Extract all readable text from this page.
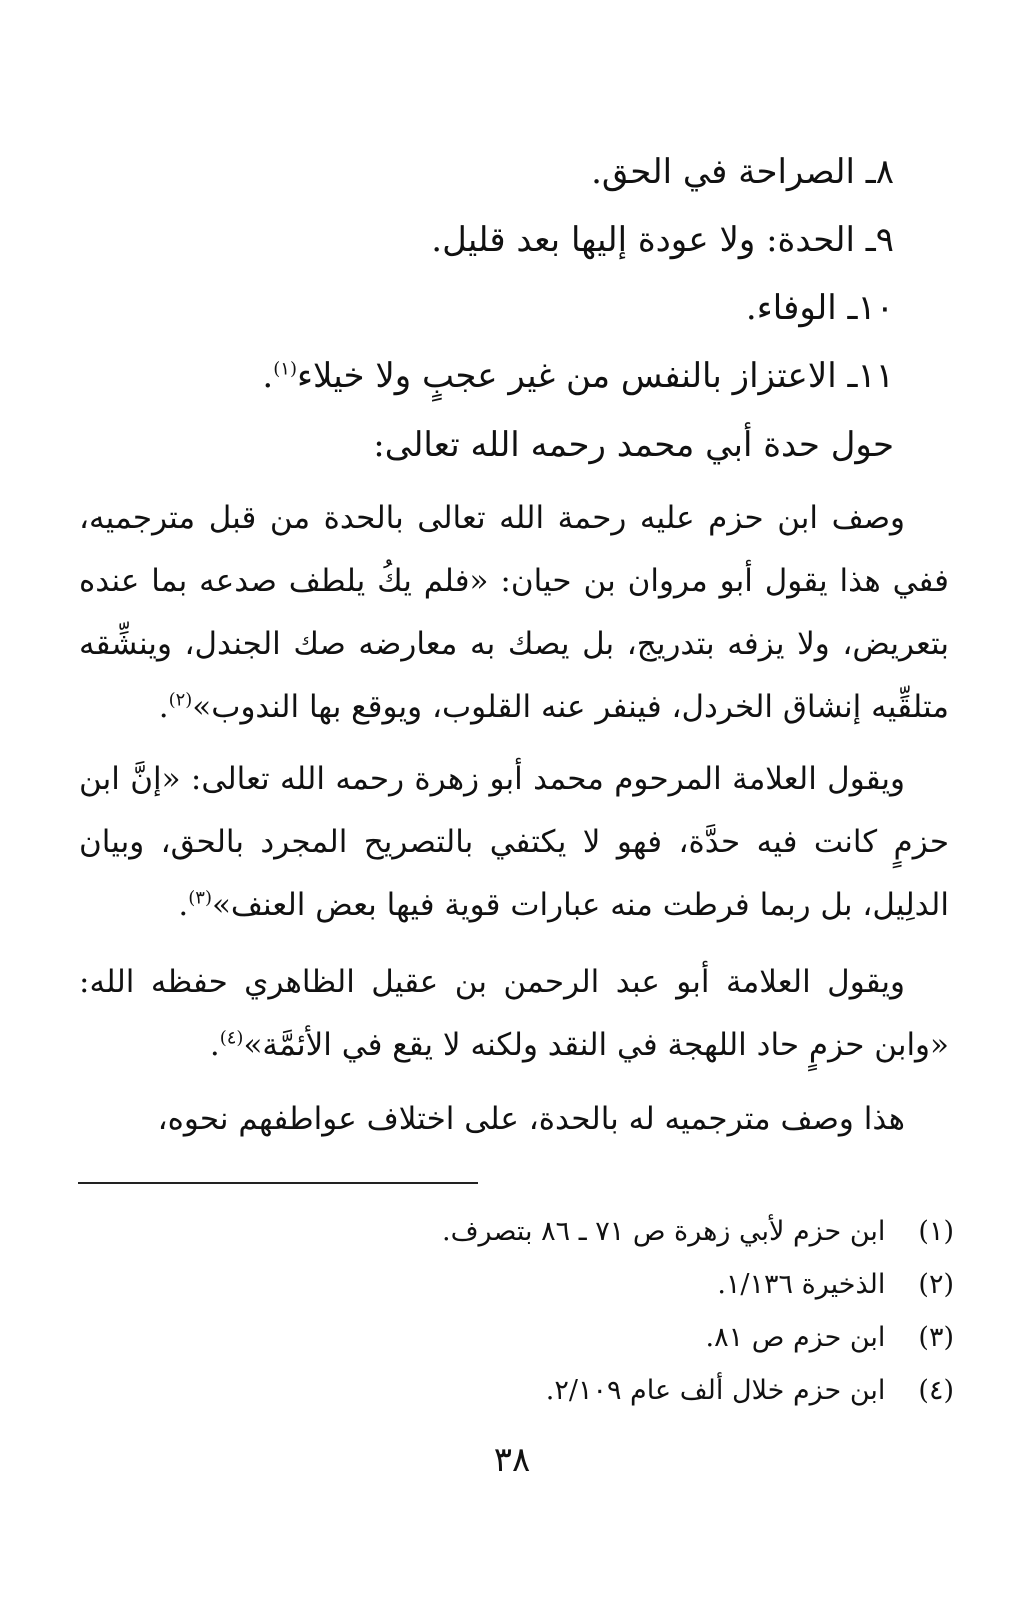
٨ـ الصراحة في الحق.
٩ـ الحدة: ولا عودة إليها بعد قليل.
١٠ـ الوفاء.
١١ـ الاعتزاز بالنفس من غير عجبٍ ولا خيلاء$^{(١)}$.
حول حدة أبي محمد رحمه الله تعالى:

وصف ابن حزم عليه رحمة الله تعالى بالحدة من قبل مترجميه، ففي هذا يقول أبو مروان بن حيان: «فلم يكُ يلطف صدعه بما عنده بتعريض، ولا يزفه بتدريج، بل يصك به معارضه صك الجندل، وينشِّقه متلقِّيه إنشاق الخردل، فينفر عنه القلوب، ويوقع بها الندوب»$^{(٢)}$.

ويقول العلامة المرحوم محمد أبو زهرة رحمه الله تعالى: «إنَّ ابن حزمٍ كانت فيه حدَّة، فهو لا يكتفي بالتصريح المجرد بالحق، وبيان الدلِيل، بل ربما فرطت منه عبارات قوية فيها بعض العنف»$^{(٣)}$.

ويقول العلامة أبو عبد الرحمن بن عقيل الظاهري حفظه الله: «وابن حزمٍ حاد اللهجة في النقد ولكنه لا يقع في الأئمَّة»$^{(٤)}$.

هذا وصف مترجميه له بالحدة، على اختلاف عواطفهم نحوه،

(١) ابن حزم لأبي زهرة ص ٧١ ـ ٨٦ بتصرف.
(٢) الذخيرة ١/١٣٦.
(٣) ابن حزم ص ٨١.
(٤) ابن حزم خلال ألف عام ٢/١٠٩.
٣٨
